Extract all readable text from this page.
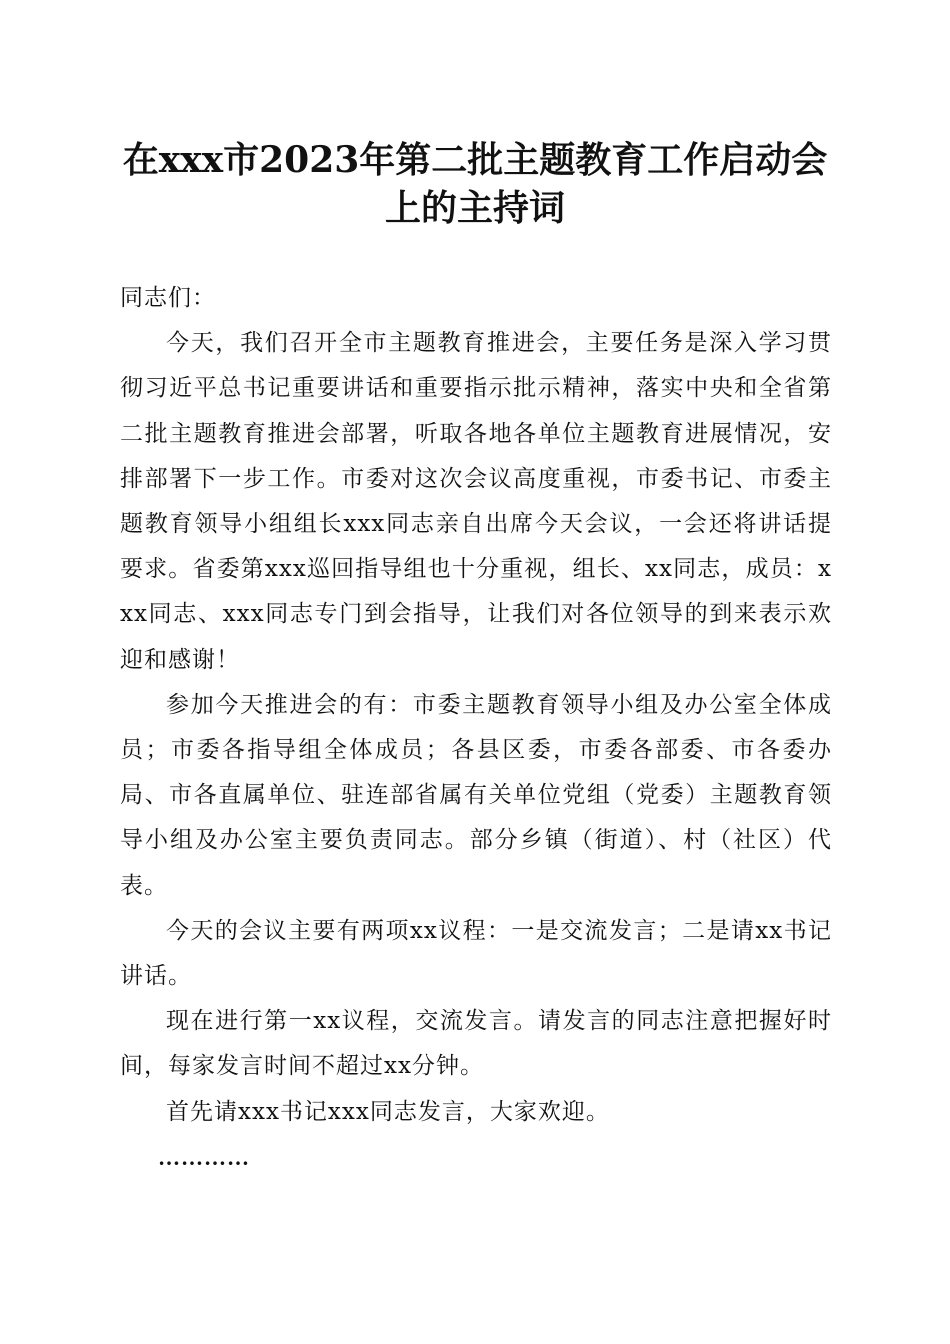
在xxx市2023年第二批主题教育工作启动会
上的主持词

同志们：

今天，我们召开全市主题教育推进会，主要任务是深入学习贯彻习近平总书记重要讲话和重要指示批示精神，落实中央和全省第二批主题教育推进会部署，听取各地各单位主题教育进展情况，安排部署下一步工作。市委对这次会议高度重视，市委书记、市委主题教育领导小组组长xxx同志亲自出席今天会议，一会还将讲话提要求。省委第xxx巡回指导组也十分重视，组长、xx同志，成员：xxx同志、xxx同志专门到会指导，让我们对各位领导的到来表示欢迎和感谢！

参加今天推进会的有：市委主题教育领导小组及办公室全体成员；市委各指导组全体成员；各县区委，市委各部委、市各委办局、市各直属单位、驻连部省属有关单位党组（党委）主题教育领导小组及办公室主要负责同志。部分乡镇（街道）、村（社区）代表。

今天的会议主要有两项xx议程：一是交流发言；二是请xx书记讲话。

现在进行第一xx议程，交流发言。请发言的同志注意把握好时间，每家发言时间不超过xx分钟。

首先请xxx书记xxx同志发言，大家欢迎。

…………
